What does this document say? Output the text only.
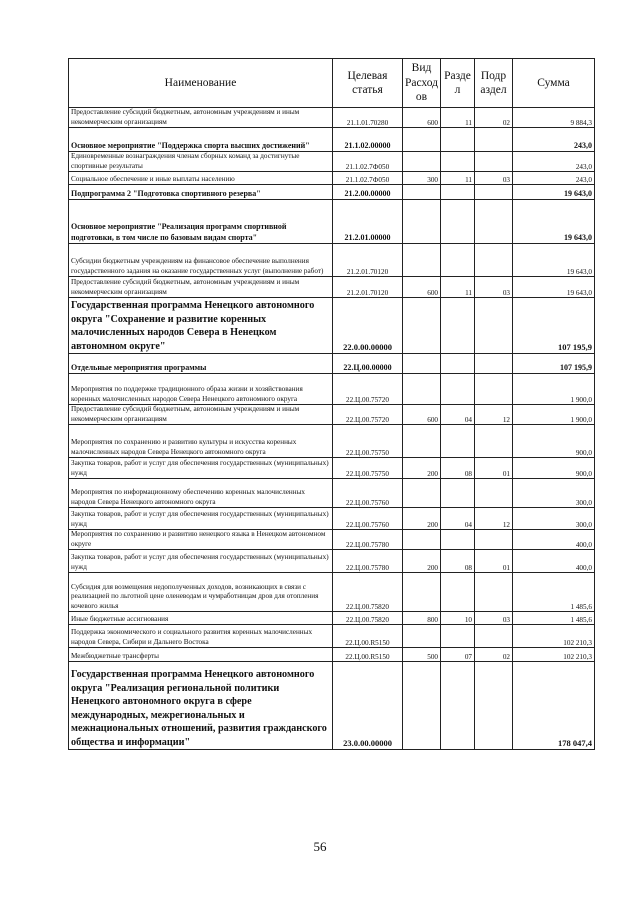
Наименование	Целевая статья	Вид Расход ов	Разде л	Подр аздел	Сумма
Предоставление субсидий бюджетным, автономным учреждениям и иным некоммерческим организациям	21.1.01.70280	600	11	02	9 884,3
Основное мероприятие "Поддержка спорта высших достижений"	21.1.02.00000				243,0
Единовременные вознаграждения членам сборных команд за достигнутые спортивные результаты	21.1.02.7Ф050				243,0
Социальное обеспечение и иные выплаты населению	21.1.02.7Ф050	300	11	03	243,0
Подпрограмма 2 "Подготовка спортивного резерва"	21.2.00.00000				19 643,0
Основное мероприятие "Реализация программ спортивной подготовки, в том числе по базовым видам спорта"	21.2.01.00000				19 643,0
Субсидии бюджетным учреждениям на финансовое обеспечение выполнения государственного задания на оказание государственных услуг (выполнение работ)	21.2.01.70120				19 643,0
Предоставление субсидий бюджетным, автономным учреждениям и иным некоммерческим организациям	21.2.01.70120	600	11	03	19 643,0
Государственная программа Ненецкого автономного округа "Сохранение и развитие коренных малочисленных народов Севера в Ненецком автономном округе"	22.0.00.00000				107 195,9
Отдельные мероприятия программы	22.Ц.00.00000				107 195,9
Мероприятия по поддержке традиционного образа жизни и хозяйствования коренных малочисленных народов Севера Ненецкого автономного округа	22.Ц.00.75720				1 900,0
Предоставление субсидий бюджетным, автономным учреждениям и иным некоммерческим организациям	22.Ц.00.75720	600	04	12	1 900,0
Мероприятия по сохранению и развитию культуры и искусства коренных малочисленных народов Севера Ненецкого автономного округа	22.Ц.00.75750				900,0
Закупка товаров, работ и услуг для обеспечения государственных (муниципальных) нужд	22.Ц.00.75750	200	08	01	900,0
Мероприятия по информационному обеспечению коренных малочисленных народов Севера Ненецкого автономного округа	22.Ц.00.75760				300,0
Закупка товаров, работ и услуг для обеспечения государственных (муниципальных) нужд	22.Ц.00.75760	200	04	12	300,0
Мероприятия по сохранению и развитию ненецкого языка в Ненецком автономном округе	22.Ц.00.75780				400,0
Закупка товаров, работ и услуг для обеспечения государственных (муниципальных) нужд	22.Ц.00.75780	200	08	01	400,0
Субсидия для возмещения недополученных доходов, возникающих в связи с реализацией по льготной цене оленеводам и чумработницам дров для отопления кочевого жилья	22.Ц.00.75820				1 485,6
Иные бюджетные ассигнования	22.Ц.00.75820	800	10	03	1 485,6
Поддержка экономического и социального развития коренных малочисленных народов Севера, Сибири и Дальнего Востока	22.Ц.00.R5150				102 210,3
Межбюджетные трансферты	22.Ц.00.R5150	500	07	02	102 210,3
Государственная программа Ненецкого автономного округа "Реализация региональной политики Ненецкого автономного округа в сфере международных, межрегиональных и межнациональных отношений, развития гражданского общества и информации"	23.0.00.00000				178 047,4
56
